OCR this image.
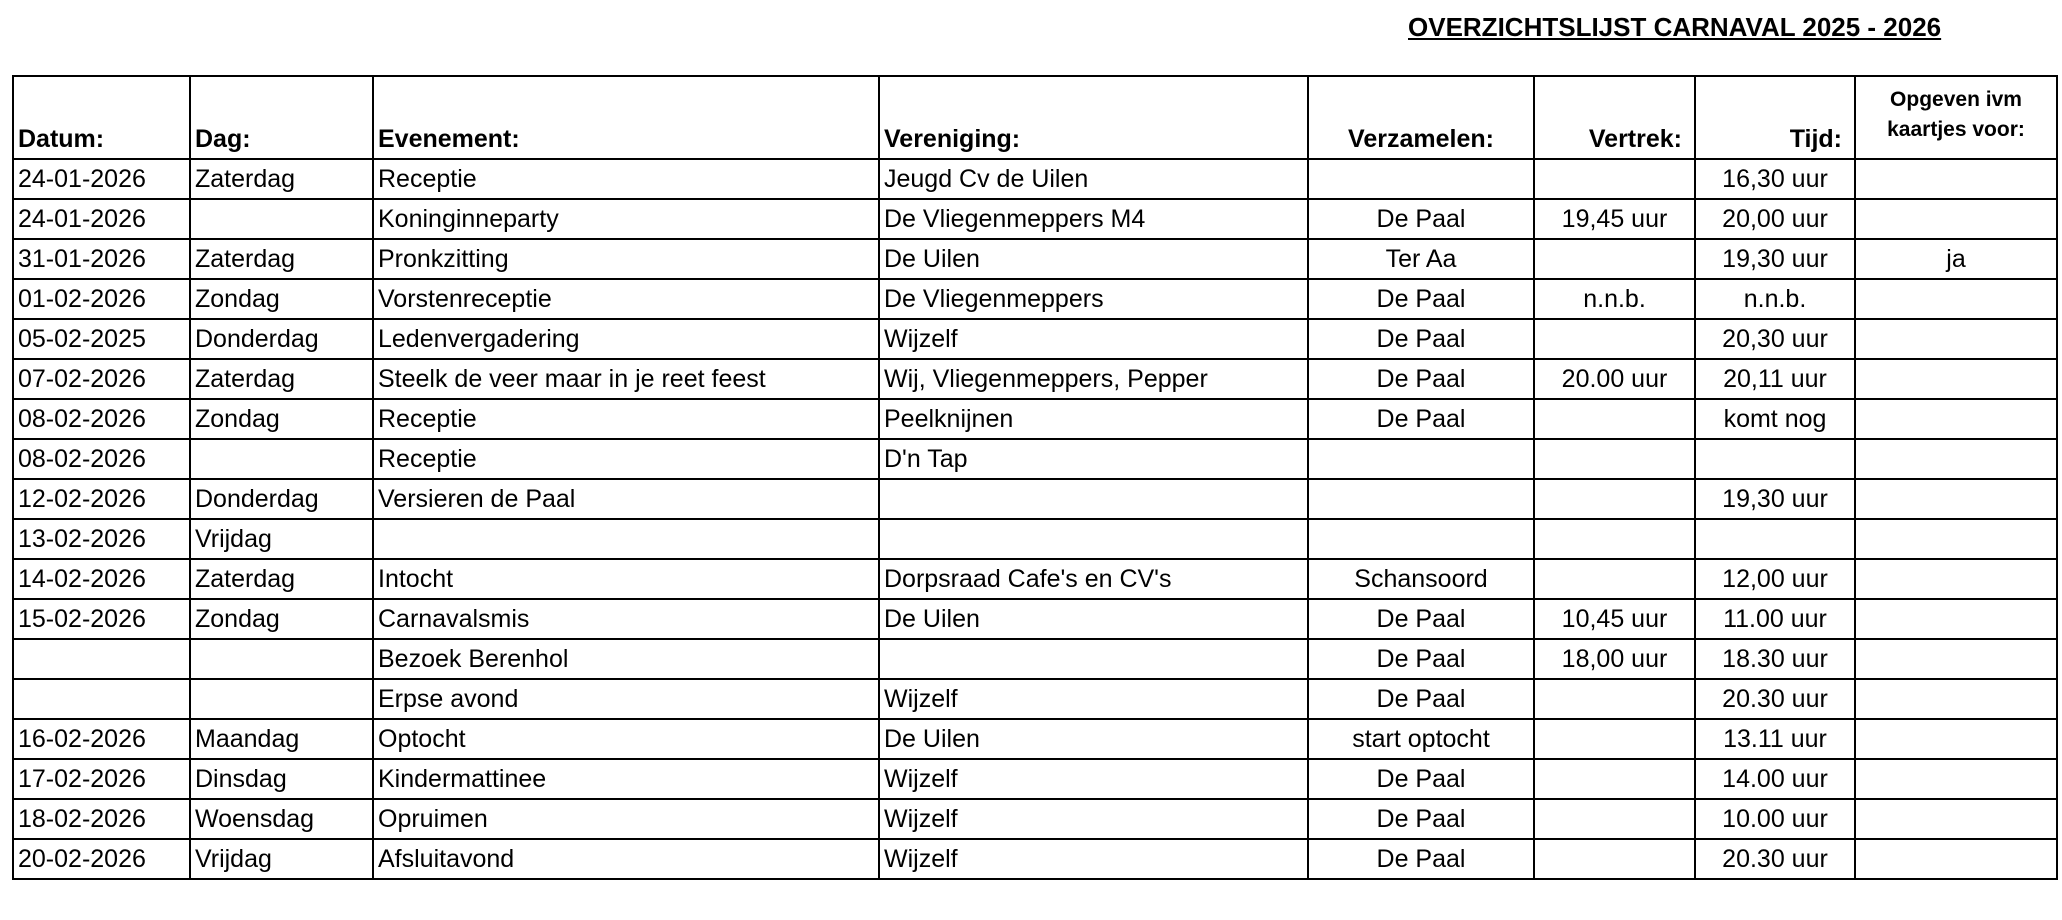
OVERZICHTSLIJST CARNAVAL 2025 - 2026
Datum:	Dag:	Evenement:	Vereniging:	Verzamelen:	Vertrek:	Tijd:	Opgeven ivm kaartjes voor:
24-01-2026	Zaterdag	Receptie	Jeugd Cv de Uilen			16,30 uur	
24-01-2026		Koninginneparty	De Vliegenmeppers M4	De Paal	19,45 uur	20,00 uur	
31-01-2026	Zaterdag	Pronkzitting	De Uilen	Ter Aa		19,30 uur	ja
01-02-2026	Zondag	Vorstenreceptie	De Vliegenmeppers	De Paal	n.n.b.	n.n.b.	
05-02-2025	Donderdag	Ledenvergadering	Wijzelf	De Paal		20,30 uur	
07-02-2026	Zaterdag	Steelk de veer maar in je reet feest	Wij, Vliegenmeppers, Pepper	De Paal	20.00 uur	20,11 uur	
08-02-2026	Zondag	Receptie	Peelknijnen	De Paal		komt nog	
08-02-2026		Receptie	D'n Tap				
12-02-2026	Donderdag	Versieren de Paal				19,30 uur	
13-02-2026	Vrijdag						
14-02-2026	Zaterdag	Intocht	Dorpsraad Cafe's en CV's	Schansoord		12,00 uur	
15-02-2026	Zondag	Carnavalsmis	De Uilen	De Paal	10,45 uur	11.00 uur	
		Bezoek Berenhol		De Paal	18,00 uur	18.30 uur	
		Erpse avond	Wijzelf	De Paal		20.30 uur	
16-02-2026	Maandag	Optocht	De Uilen	start optocht		13.11 uur	
17-02-2026	Dinsdag	Kindermattinee	Wijzelf	De Paal		14.00 uur	
18-02-2026	Woensdag	Opruimen	Wijzelf	De Paal		10.00 uur	
20-02-2026	Vrijdag	Afsluitavond	Wijzelf	De Paal		20.30 uur	
